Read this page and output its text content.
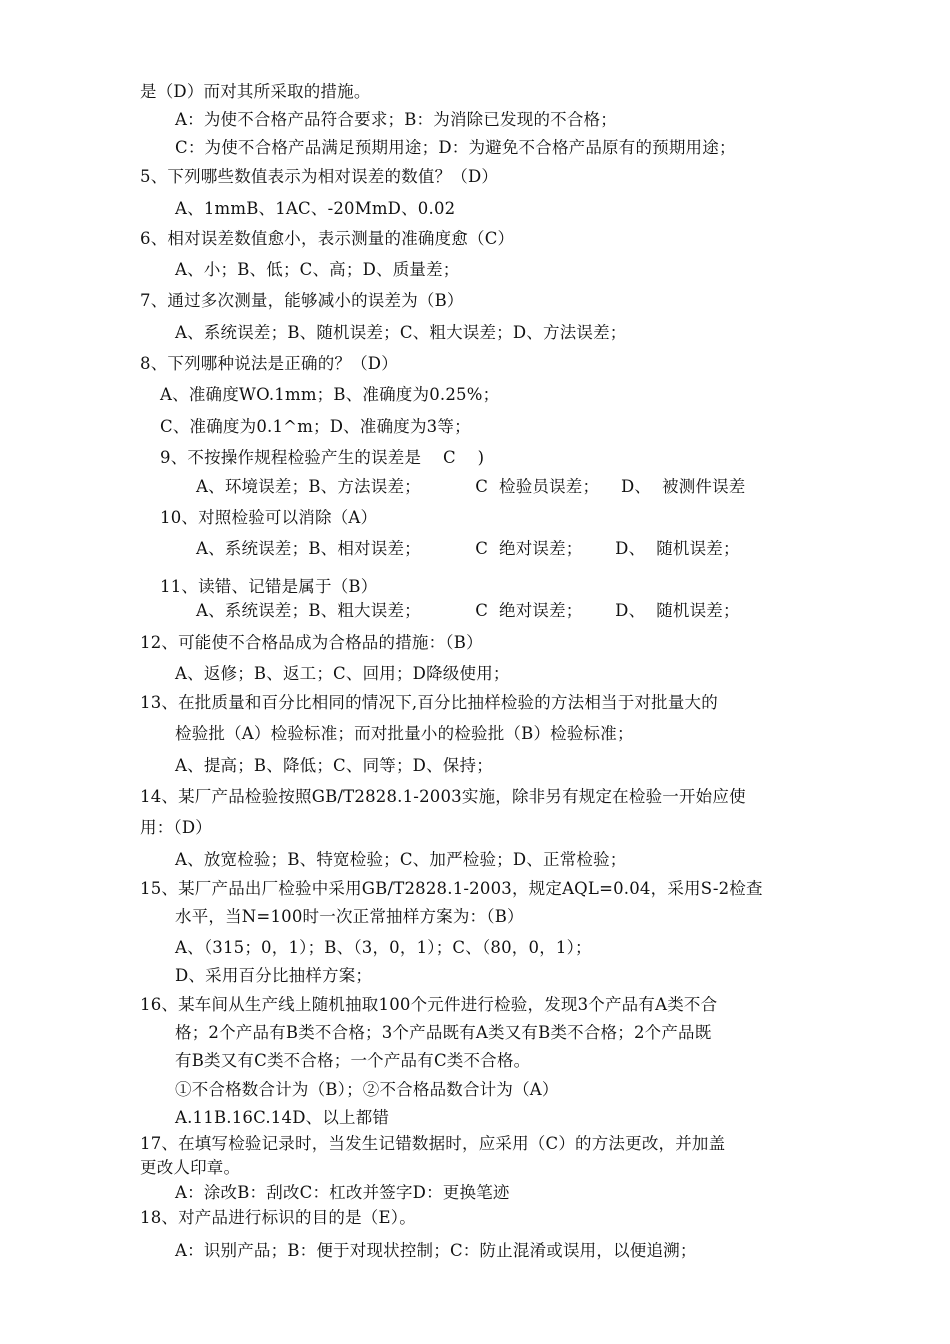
是（D）而对其所采取的措施。
A：为使不合格产品符合要求；B：为消除已发现的不合格；
C：为使不合格产品满足预期用途；D：为避免不合格产品原有的预期用途；
5、下列哪些数值表示为相对误差的数值？（D）
A、1mmB、1AC、-20MmD、0.02
6、相对误差数值愈小，表示测量的准确度愈（C）
A、小；B、低；C、高；D、质量差；
7、通过多次测量，能够减小的误差为（B）
A、系统误差；B、随机误差；C、粗大误差；D、方法误差；
8、下列哪种说法是正确的？（D）
A、准确度WO.1mm；B、准确度为0.25%；
C、准确度为0.1^m；D、准确度为3等；
9、不按操作规程检验产生的误差是    C    )
A、环境误差；B、方法误差；          C  检验员误差；    D、  被测件误差
10、对照检验可以消除（A）
A、系统误差；B、相对误差；          C  绝对误差；      D、  随机误差；
11、读错、记错是属于（B）
A、系统误差；B、粗大误差；          C  绝对误差；      D、  随机误差；
12、可能使不合格品成为合格品的措施：（B）
A、返修；B、返工；C、回用；D降级使用；
13、在批质量和百分比相同的情况下,百分比抽样检验的方法相当于对批量大的
检验批（A）检验标准；而对批量小的检验批（B）检验标准；
A、提高；B、降低；C、同等；D、保持；
14、某厂产品检验按照GB/T2828.1-2003实施，除非另有规定在检验一开始应使
用：（D）
A、放宽检验；B、特宽检验；C、加严检验；D、正常检验；
15、某厂产品出厂检验中采用GB/T2828.1-2003，规定AQL=0.04，采用S-2检查
水平，当N=100时一次正常抽样方案为：（B）
A、（315；0，1）；B、（3，0，1）；C、（80，0，1）；
D、采用百分比抽样方案；
16、某车间从生产线上随机抽取100个元件进行检验，发现3个产品有A类不合
格；2个产品有B类不合格；3个产品既有A类又有B类不合格；2个产品既
有B类又有C类不合格；一个产品有C类不合格。
①不合格数合计为（B）；②不合格品数合计为（A）
A.11B.16C.14D、以上都错
17、在填写检验记录时，当发生记错数据时，应采用（C）的方法更改，并加盖
更改人印章。
A：涂改B：刮改C：杠改并签字D：更换笔迹
18、对产品进行标识的目的是（E）。
A：识别产品；B：便于对现状控制；C：防止混淆或误用，以便追溯；
